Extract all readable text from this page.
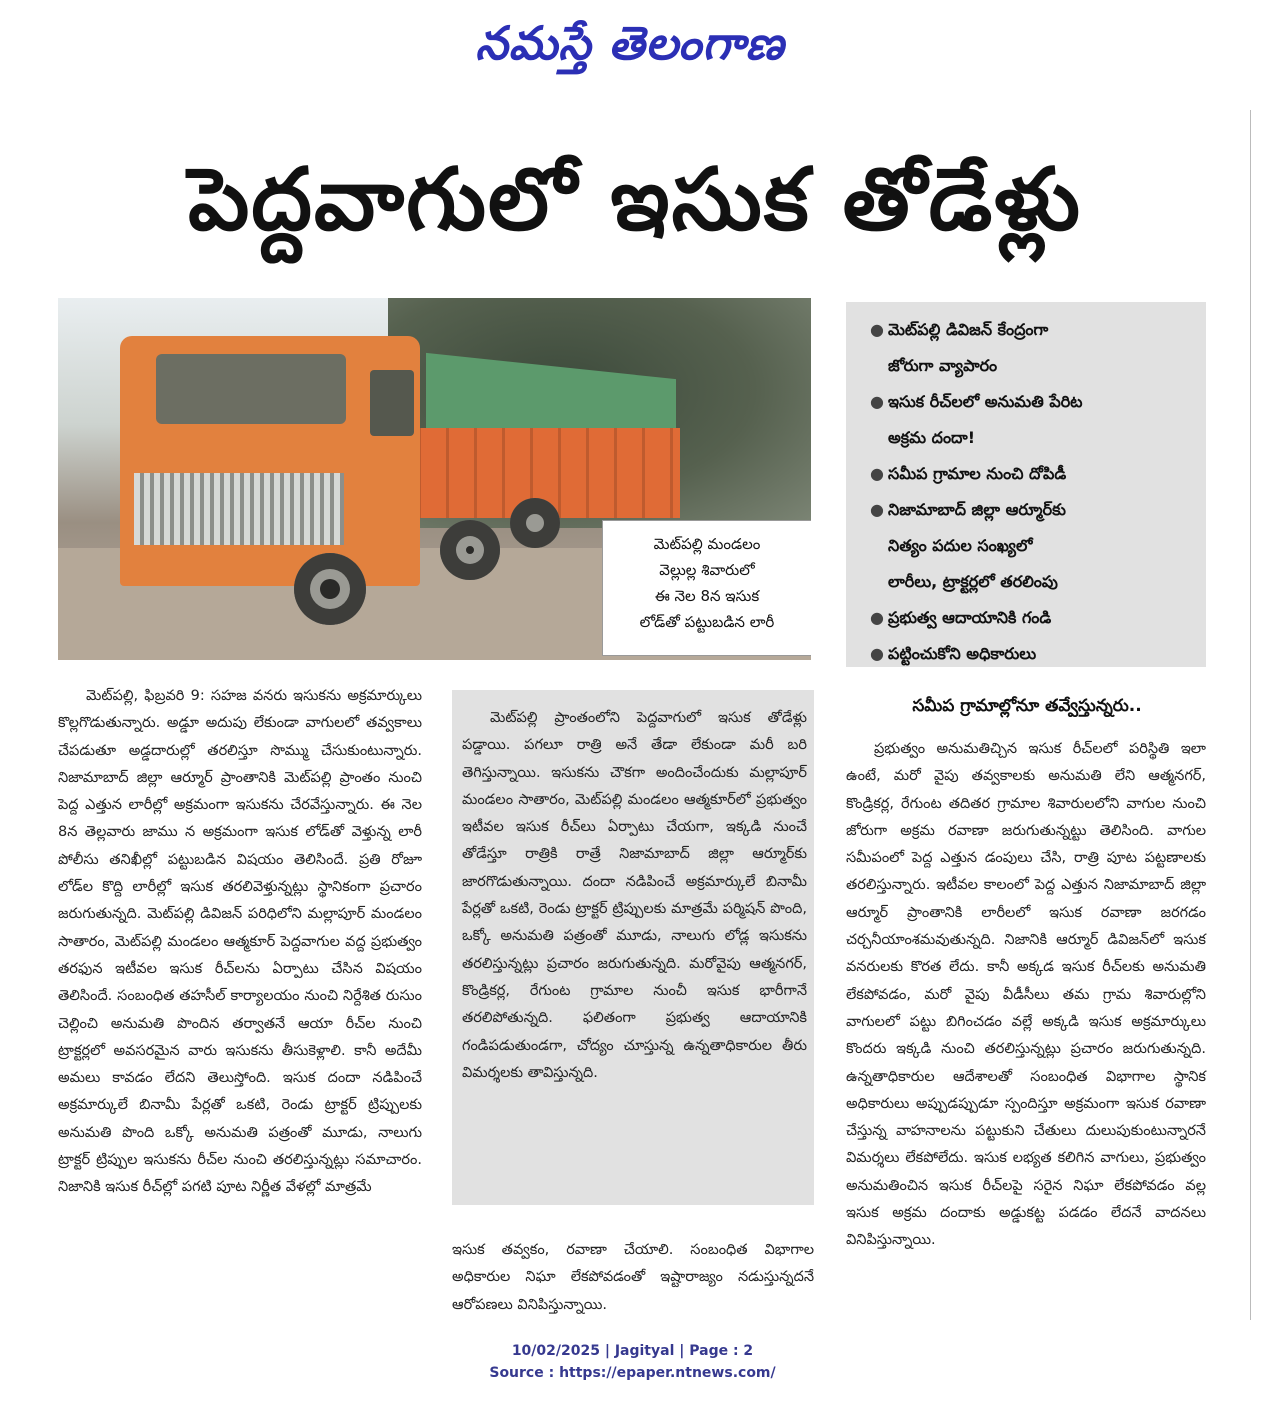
నమస్తే తెలంగాణ
పెద్దవాగులో ఇసుక తోడేళ్లు

మెట్‌పల్లి మండలం

వెల్లుల్ల శివారులో

ఈ నెల 8న ఇసుక

లోడ్‌తో పట్టుబడిన లారీ

● మెట్‌పల్లి డివిజన్ కేంద్రంగా
జోరుగా వ్యాపారం
● ఇసుక రీచ్‌లలో అనుమతి పేరిట
అక్రమ దందా!
● సమీప గ్రామాల నుంచి దోపిడీ
● నిజామాబాద్ జిల్లా ఆర్మూర్‌కు
నిత్యం పదుల సంఖ్యలో
లారీలు, ట్రాక్టర్లలో తరలింపు
● ప్రభుత్వ ఆదాయానికి గండి
● పట్టించుకోని అధికారులు

మెట్‌పల్లి, ఫిబ్రవరి 9: సహజ వనరు ఇసుకను అక్రమార్కులు కొల్లగొడుతున్నారు. అడ్డూ అదుపు లేకుండా వాగులలో తవ్వకాలు చేపడుతూ అడ్డదారుల్లో తరలిస్తూ సొమ్ము చేసుకుంటున్నారు. నిజామాబాద్ జిల్లా ఆర్మూర్ ప్రాంతానికి మెట్‌పల్లి ప్రాంతం నుంచి పెద్ద ఎత్తున లారీల్లో అక్రమంగా ఇసుకను చేరవేస్తున్నారు. ఈ నెల 8న తెల్లవారు జాము న అక్రమంగా ఇసుక లోడ్‌తో వెళ్తున్న లారీ పోలీసు తనిఖీల్లో పట్టుబడిన విషయం తెలిసిందే. ప్రతి రోజూ లోడ్‌ల కొద్ది లారీల్లో ఇసుక తరలివెళ్తున్నట్లు స్థానికంగా ప్రచారం జరుగుతున్నది. మెట్‌పల్లి డివిజన్ పరిధిలోని మల్లాపూర్ మండలం సాతారం, మెట్‌పల్లి మండలం ఆత్మకూర్ పెద్దవాగుల వద్ద ప్రభుత్వం తరఫున ఇటీవల ఇసుక రీచ్‌లను ఏర్పాటు చేసిన విషయం తెలిసిందే. సంబంధిత తహసీల్ కార్యాలయం నుంచి నిర్దేశిత రుసుం చెల్లించి అనుమతి పొందిన తర్వాతనే ఆయా రీచ్‌ల నుంచి ట్రాక్టర్లలో అవసరమైన వారు ఇసుకను తీసుకెళ్లాలి. కానీ అదేమీ అమలు కావడం లేదని తెలుస్తోంది. ఇసుక దందా నడిపించే అక్రమార్కులే బినామీ పేర్లతో ఒకటి, రెండు ట్రాక్టర్ ట్రిప్పులకు అనుమతి పొంది ఒక్కో అనుమతి పత్రంతో మూడు, నాలుగు ట్రాక్టర్ ట్రిప్పుల ఇసుకను రీచ్‌ల నుంచి తరలిస్తున్నట్లు సమాచారం. నిజానికి ఇసుక రీచ్‌ల్లో పగటి పూట నిర్ణీత వేళల్లో మాత్రమే

మెట్‌పల్లి ప్రాంతంలోని పెద్దవాగులో ఇసుక తోడేళ్లు పడ్డాయి. పగలూ రాత్రి అనే తేడా లేకుండా మరీ బరి తెగిస్తున్నాయి. ఇసుకను చౌకగా అందించేందుకు మల్లాపూర్ మండలం సాతారం, మెట్‌పల్లి మండలం ఆత్మకూర్‌లో ప్రభుత్వం ఇటీవల ఇసుక రీచ్‌లు ఏర్పాటు చేయగా, ఇక్కడి నుంచే తోడేస్తూ రాత్రికి రాత్రే నిజామాబాద్ జిల్లా ఆర్మూర్‌కు జారగొడుతున్నాయి. దందా నడిపించే అక్రమార్కులే బినామీ పేర్లతో ఒకటి, రెండు ట్రాక్టర్ ట్రిప్పులకు మాత్రమే పర్మిషన్ పొంది, ఒక్కో అనుమతి పత్రంతో మూడు, నాలుగు లోడ్ల ఇసుకను తరలిస్తున్నట్లు ప్రచారం జరుగుతున్నది. మరోవైపు ఆత్మనగర్, కొండ్రికర్ల, రేగుంట గ్రామాల నుంచీ ఇసుక భారీగానే తరలిపోతున్నది. ఫలితంగా ప్రభుత్వ ఆదాయానికి గండిపడుతుండగా, చోద్యం చూస్తున్న ఉన్నతాధికారుల తీరు విమర్శలకు తావిస్తున్నది.

ఇసుక తవ్వకం, రవాణా చేయాలి. సంబంధిత విభాగాల అధికారుల నిఘా లేకపోవడంతో ఇష్టారాజ్యం నడుస్తున్నదనే ఆరోపణలు వినిపిస్తున్నాయి.

సమీప గ్రామాల్లోనూ తవ్వేస్తున్నరు..

ప్రభుత్వం అనుమతిచ్చిన ఇసుక రీచ్‌లలో పరిస్థితి ఇలా ఉంటే, మరో వైపు తవ్వకాలకు అనుమతి లేని ఆత్మనగర్, కొండ్రికర్ల, రేగుంట తదితర గ్రామాల శివారులలోని వాగుల నుంచి జోరుగా అక్రమ రవాణా జరుగుతున్నట్టు తెలిసింది. వాగుల సమీపంలో పెద్ద ఎత్తున డంపులు చేసి, రాత్రి పూట పట్టణాలకు తరలిస్తున్నారు. ఇటీవల కాలంలో పెద్ద ఎత్తున నిజామాబాద్ జిల్లా ఆర్మూర్ ప్రాంతానికి లారీలలో ఇసుక రవాణా జరగడం చర్చనీయాంశమవుతున్నది. నిజానికి ఆర్మూర్ డివిజన్‌లో ఇసుక వనరులకు కొరత లేదు. కానీ అక్కడ ఇసుక రీచ్‌లకు అనుమతి లేకపోవడం, మరో వైపు వీడీసీలు తమ గ్రామ శివారుల్లోని వాగులలో పట్టు బిగించడం వల్లే అక్కడి ఇసుక అక్రమార్కులు కొందరు ఇక్కడి నుంచి తరలిస్తున్నట్లు ప్రచారం జరుగుతున్నది. ఉన్నతాధికారుల ఆదేశాలతో సంబంధిత విభాగాల స్థానిక అధికారులు అప్పుడప్పుడూ స్పందిస్తూ అక్రమంగా ఇసుక రవాణా చేస్తున్న వాహనాలను పట్టుకుని చేతులు దులుపుకుంటున్నారనే విమర్శలు లేకపోలేదు. ఇసుక లభ్యత కలిగిన వాగులు, ప్రభుత్వం అనుమతించిన ఇసుక రీచ్‌లపై సరైన నిఘా లేకపోవడం వల్ల ఇసుక అక్రమ దందాకు అడ్డుకట్ట పడడం లేదనే వాదనలు వినిపిస్తున్నాయి.

10/02/2025 | Jagityal | Page : 2
Source : https://epaper.ntnews.com/
